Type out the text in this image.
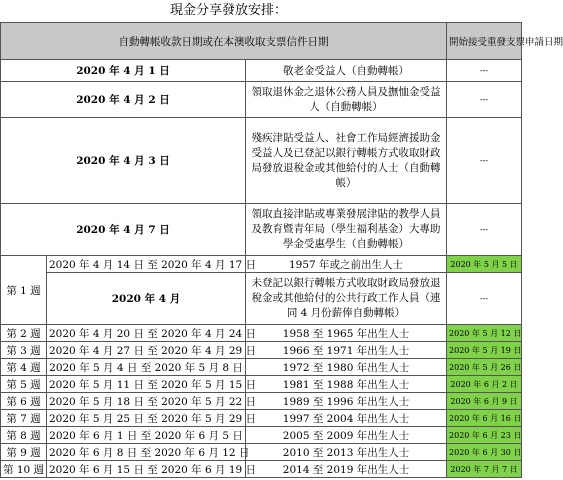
現金分享發放安排：
自動轉帳收款日期或在本澳收取支票信件日期			開始接受重發支票申請日期
2020 年 4 月 1 日		敬老金受益人（自動轉帳）	---
2020 年 4 月 2 日		領取退休金之退休公務人員及撫恤金受益人（自動轉帳）	---
2020 年 4 月 3 日		殘疾津貼受益人、社會工作局經濟援助金受益人及已登記以銀行轉帳方式收取財政局發放退稅金或其他給付的人士（自動轉帳）	---
2020 年 4 月 7 日		領取直接津貼或專業發展津貼的教學人員及教育暨青年局（學生福利基金）大專助學金受惠學生（自動轉帳）	---
第 1 週	2020 年 4 月 14 日 至 2020 年 4 月 17 日	1957 年或之前出生人士	2020 年 5 月 5 日
	2020 年 4 月	未登記以銀行轉帳方式收取財政局發放退稅金或其他給付的公共行政工作人員（連同 4 月份薪俸自動轉帳）	---
第 2 週	2020 年 4 月 20 日 至 2020 年 4 月 24 日	1958 至 1965 年出生人士	2020 年 5 月 12 日
第 3 週	2020 年 4 月 27 日 至 2020 年 4 月 29 日	1966 至 1971 年出生人士	2020 年 5 月 19 日
第 4 週	2020 年 5 月 4 日 至 2020 年 5 月 8 日	1972 至 1980 年出生人士	2020 年 5 月 26 日
第 5 週	2020 年 5 月 11 日 至 2020 年 5 月 15 日	1981 至 1988 年出生人士	2020 年 6 月 2 日
第 6 週	2020 年 5 月 18 日 至 2020 年 5 月 22 日	1989 至 1996 年出生人士	2020 年 6 月 9 日
第 7 週	2020 年 5 月 25 日 至 2020 年 5 月 29 日	1997 至 2004 年出生人士	2020 年 6 月 16 日
第 8 週	2020 年 6 月 1 日 至 2020 年 6 月 5 日	2005 至 2009 年出生人士	2020 年 6 月 23 日
第 9 週	2020 年 6 月 8 日 至 2020 年 6 月 12 日	2010 至 2013 年出生人士	2020 年 6 月 30 日
第 10 週	2020 年 6 月 15 日 至 2020 年 6 月 19 日	2014 至 2019 年出生人士	2020 年 7 月 7 日
